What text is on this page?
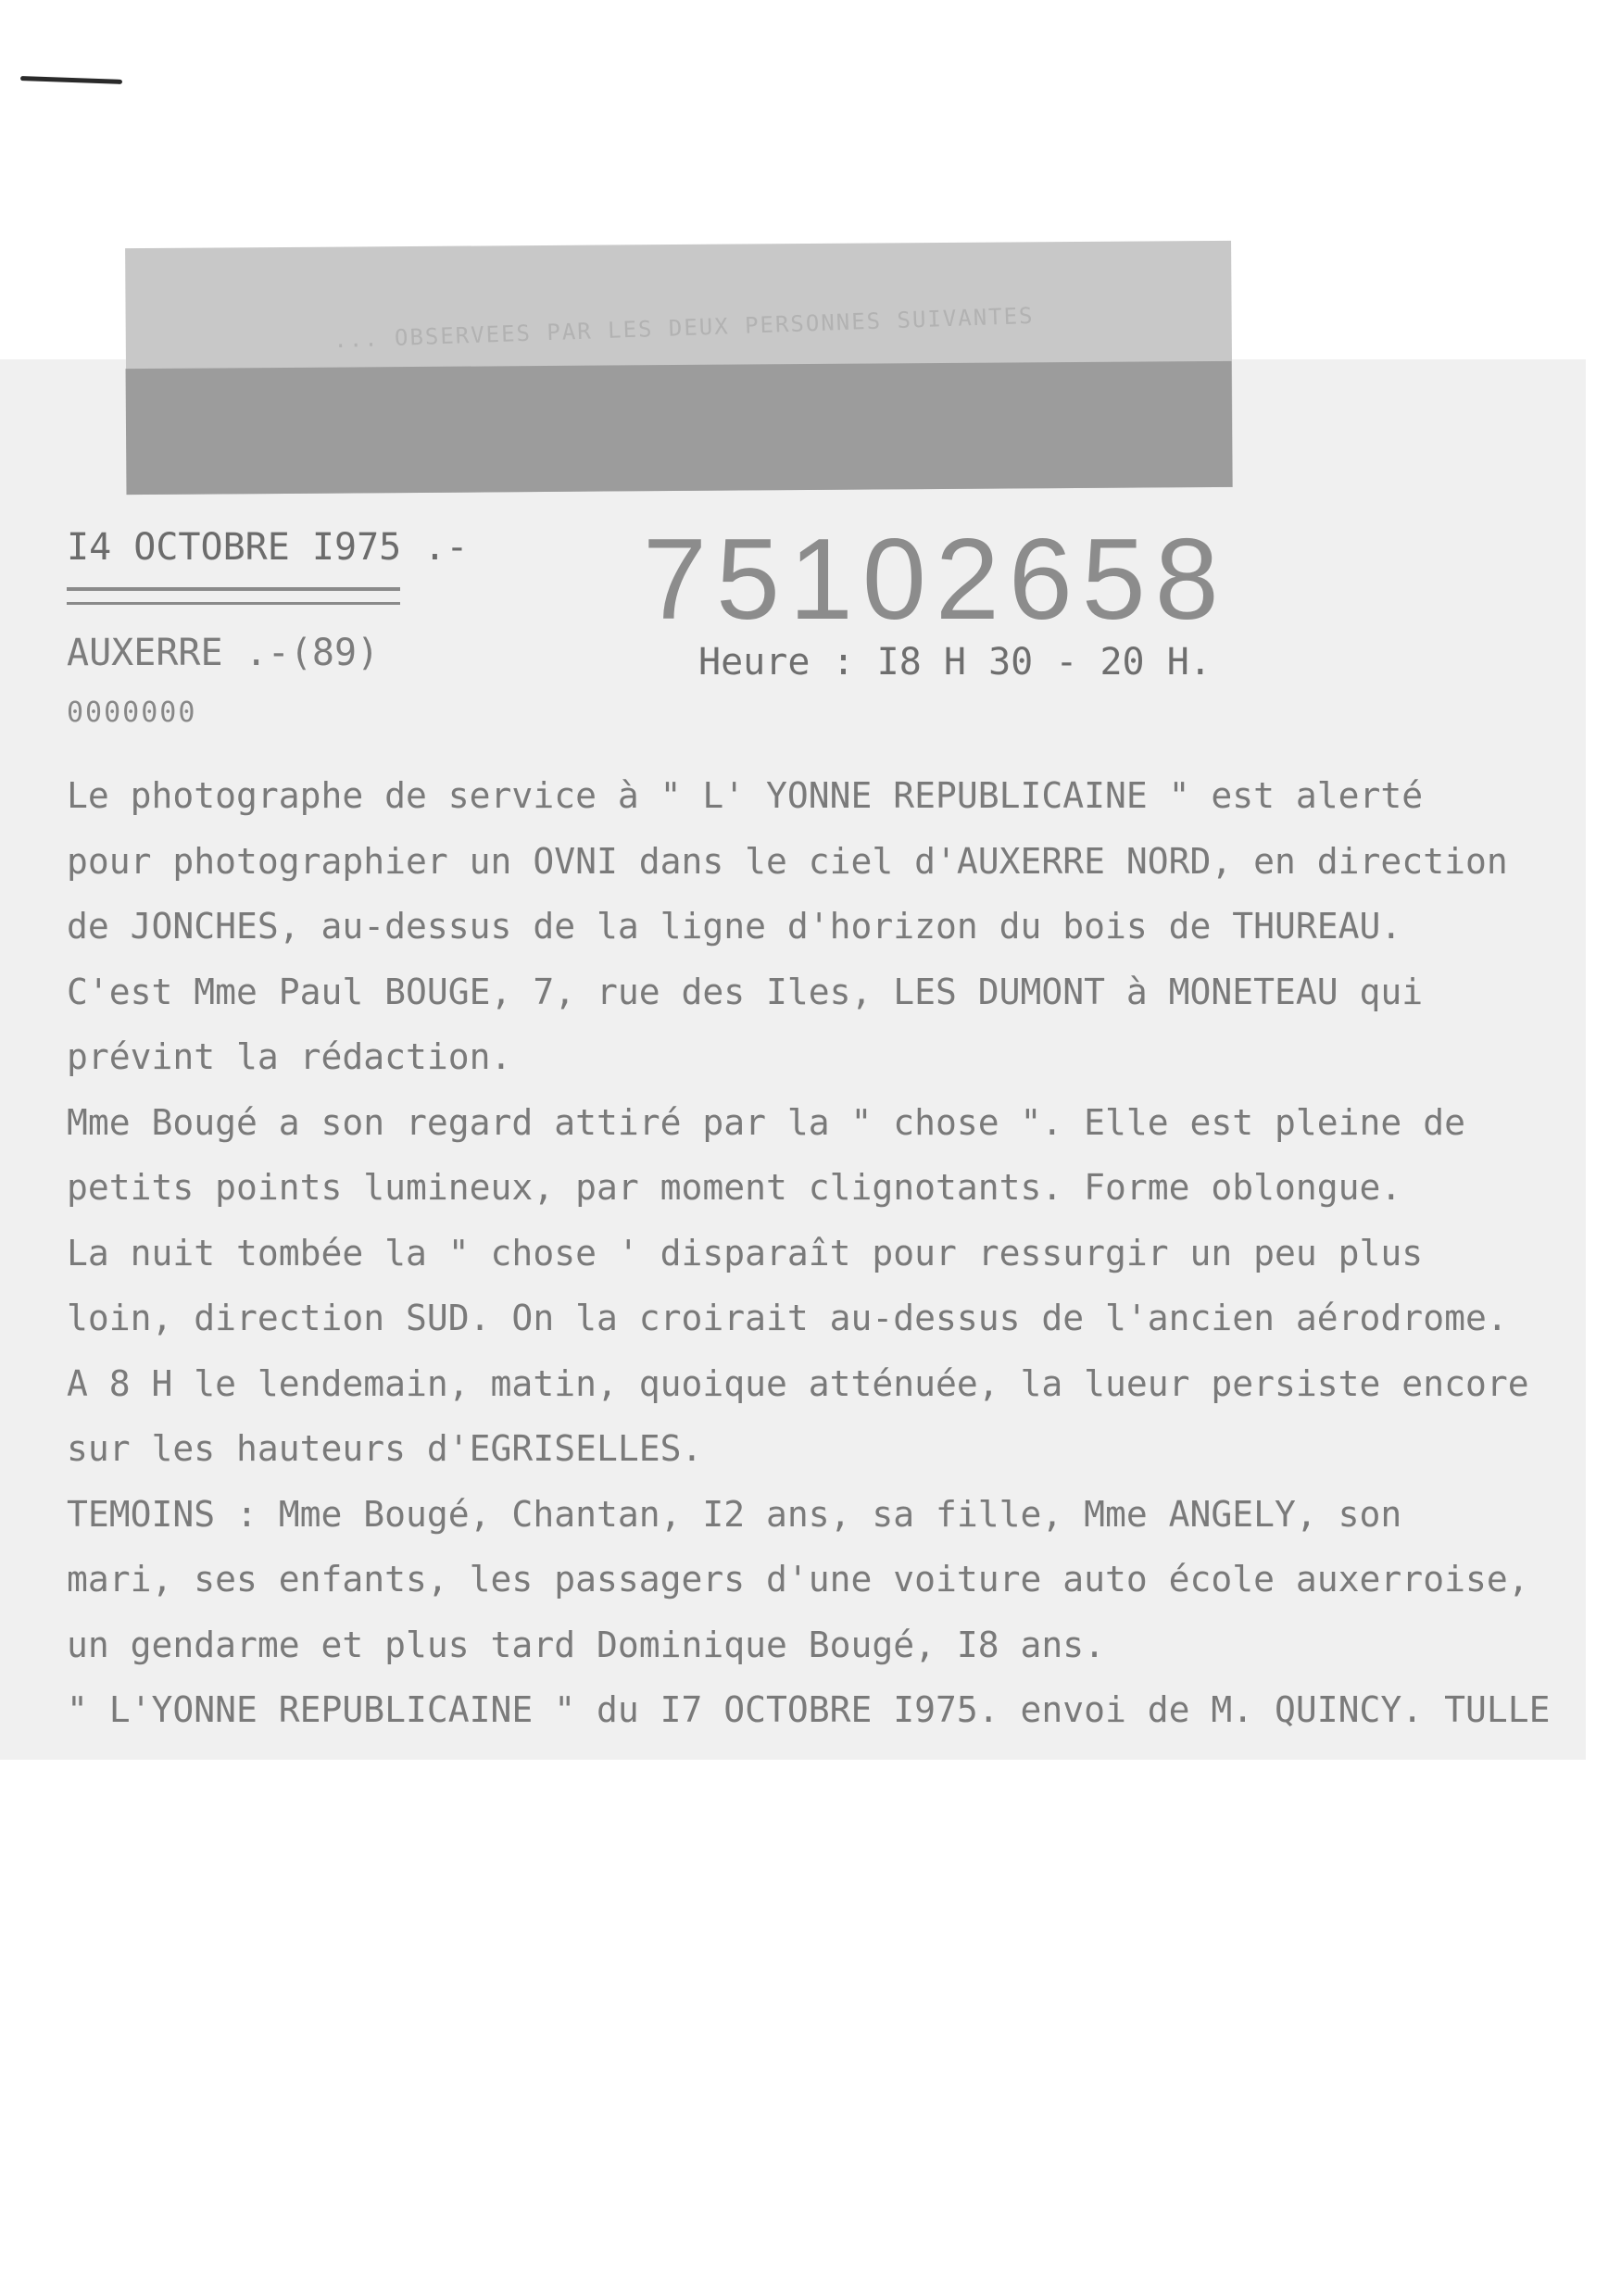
... OBSERVEES PAR LES DEUX PERSONNES SUIVANTES
I4 OCTOBRE I975 .- 75102658
AUXERRE .-(89)	Heure : I8 H 30 - 20 H.
0000000
Le photographe de service à " L' YONNE REPUBLICAINE " est alerté
pour photographier un OVNI dans le ciel d'AUXERRE NORD, en direction
de JONCHES, au-dessus de la ligne d'horizon du bois de THUREAU.
C'est Mme Paul BOUGE, 7, rue des Iles, LES DUMONT à MONETEAU qui
prévint la rédaction.
Mme Bougé a son regard attiré par la " chose ". Elle est pleine de
petits points lumineux, par moment clignotants. Forme oblongue.
La nuit tombée la " chose ' disparaît pour ressurgir un peu plus
loin, direction SUD. On la croirait au-dessus de l'ancien aérodrome.
A 8 H le lendemain, matin, quoique atténuée, la lueur persiste encore
sur les hauteurs d'EGRISELLES.
TEMOINS : Mme Bougé, Chantan, I2 ans, sa fille, Mme ANGELY, son
mari, ses enfants, les passagers d'une voiture auto école auxerroise,
un gendarme et plus tard Dominique Bougé, I8 ans.
" L'YONNE REPUBLICAINE " du I7 OCTOBRE I975. envoi de M. QUINCY. TULLE
